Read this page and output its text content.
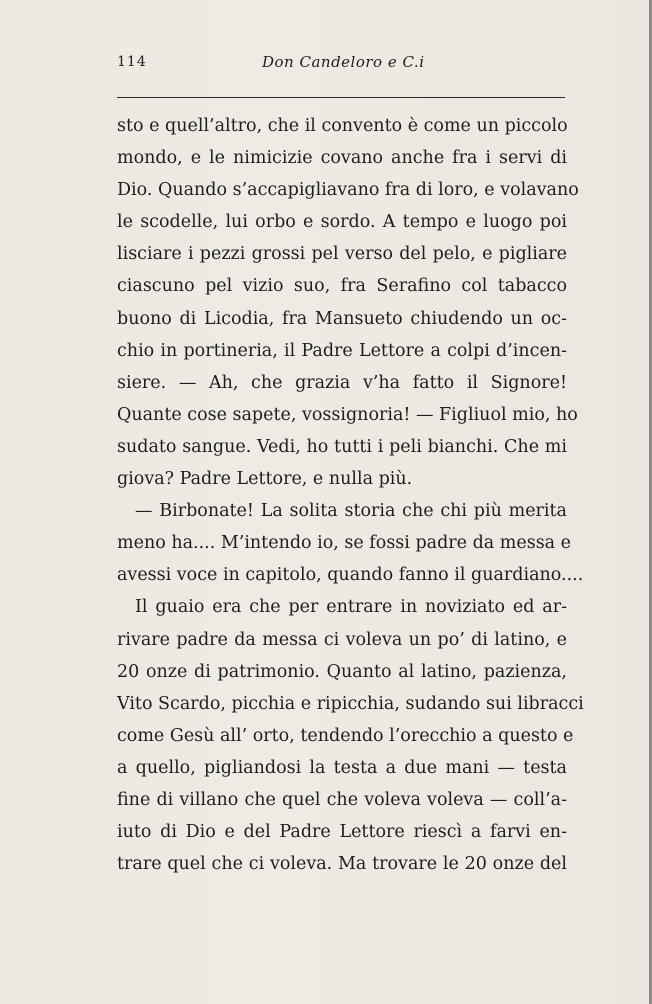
114	Don Candeloro e C.i
sto e quell’altro, che il convento è come un piccolo
mondo, e le nimicizie covano anche fra i servi di
Dio. Quando s’accapigliavano fra di loro, e volavano
le scodelle, lui orbo e sordo. A tempo e luogo poi
lisciare i pezzi grossi pel verso del pelo, e pigliare
ciascuno pel vizio suo, fra Serafino col tabacco
buono di Licodia, fra Mansueto chiudendo un oc-
chio in portineria, il Padre Lettore a colpi d’incen-
siere. — Ah, che grazia v’ha fatto il Signore!
Quante cose sapete, vossignoria! — Figliuol mio, ho
sudato sangue. Vedi, ho tutti i peli bianchi. Che mi
giova? Padre Lettore, e nulla più.
— Birbonate! La solita storia che chi più merita
meno ha.... M’intendo io, se fossi padre da messa e
avessi voce in capitolo, quando fanno il guardiano....
Il guaio era che per entrare in noviziato ed ar-
rivare padre da messa ci voleva un po’ di latino, e
20 onze di patrimonio. Quanto al latino, pazienza,
Vito Scardo, picchia e ripicchia, sudando sui libracci
come Gesù all’ orto, tendendo l’orecchio a questo e
a quello, pigliandosi la testa a due mani — testa
fine di villano che quel che voleva voleva — coll’a-
iuto di Dio e del Padre Lettore riescì a farvi en-
trare quel che ci voleva. Ma trovare le 20 onze del
